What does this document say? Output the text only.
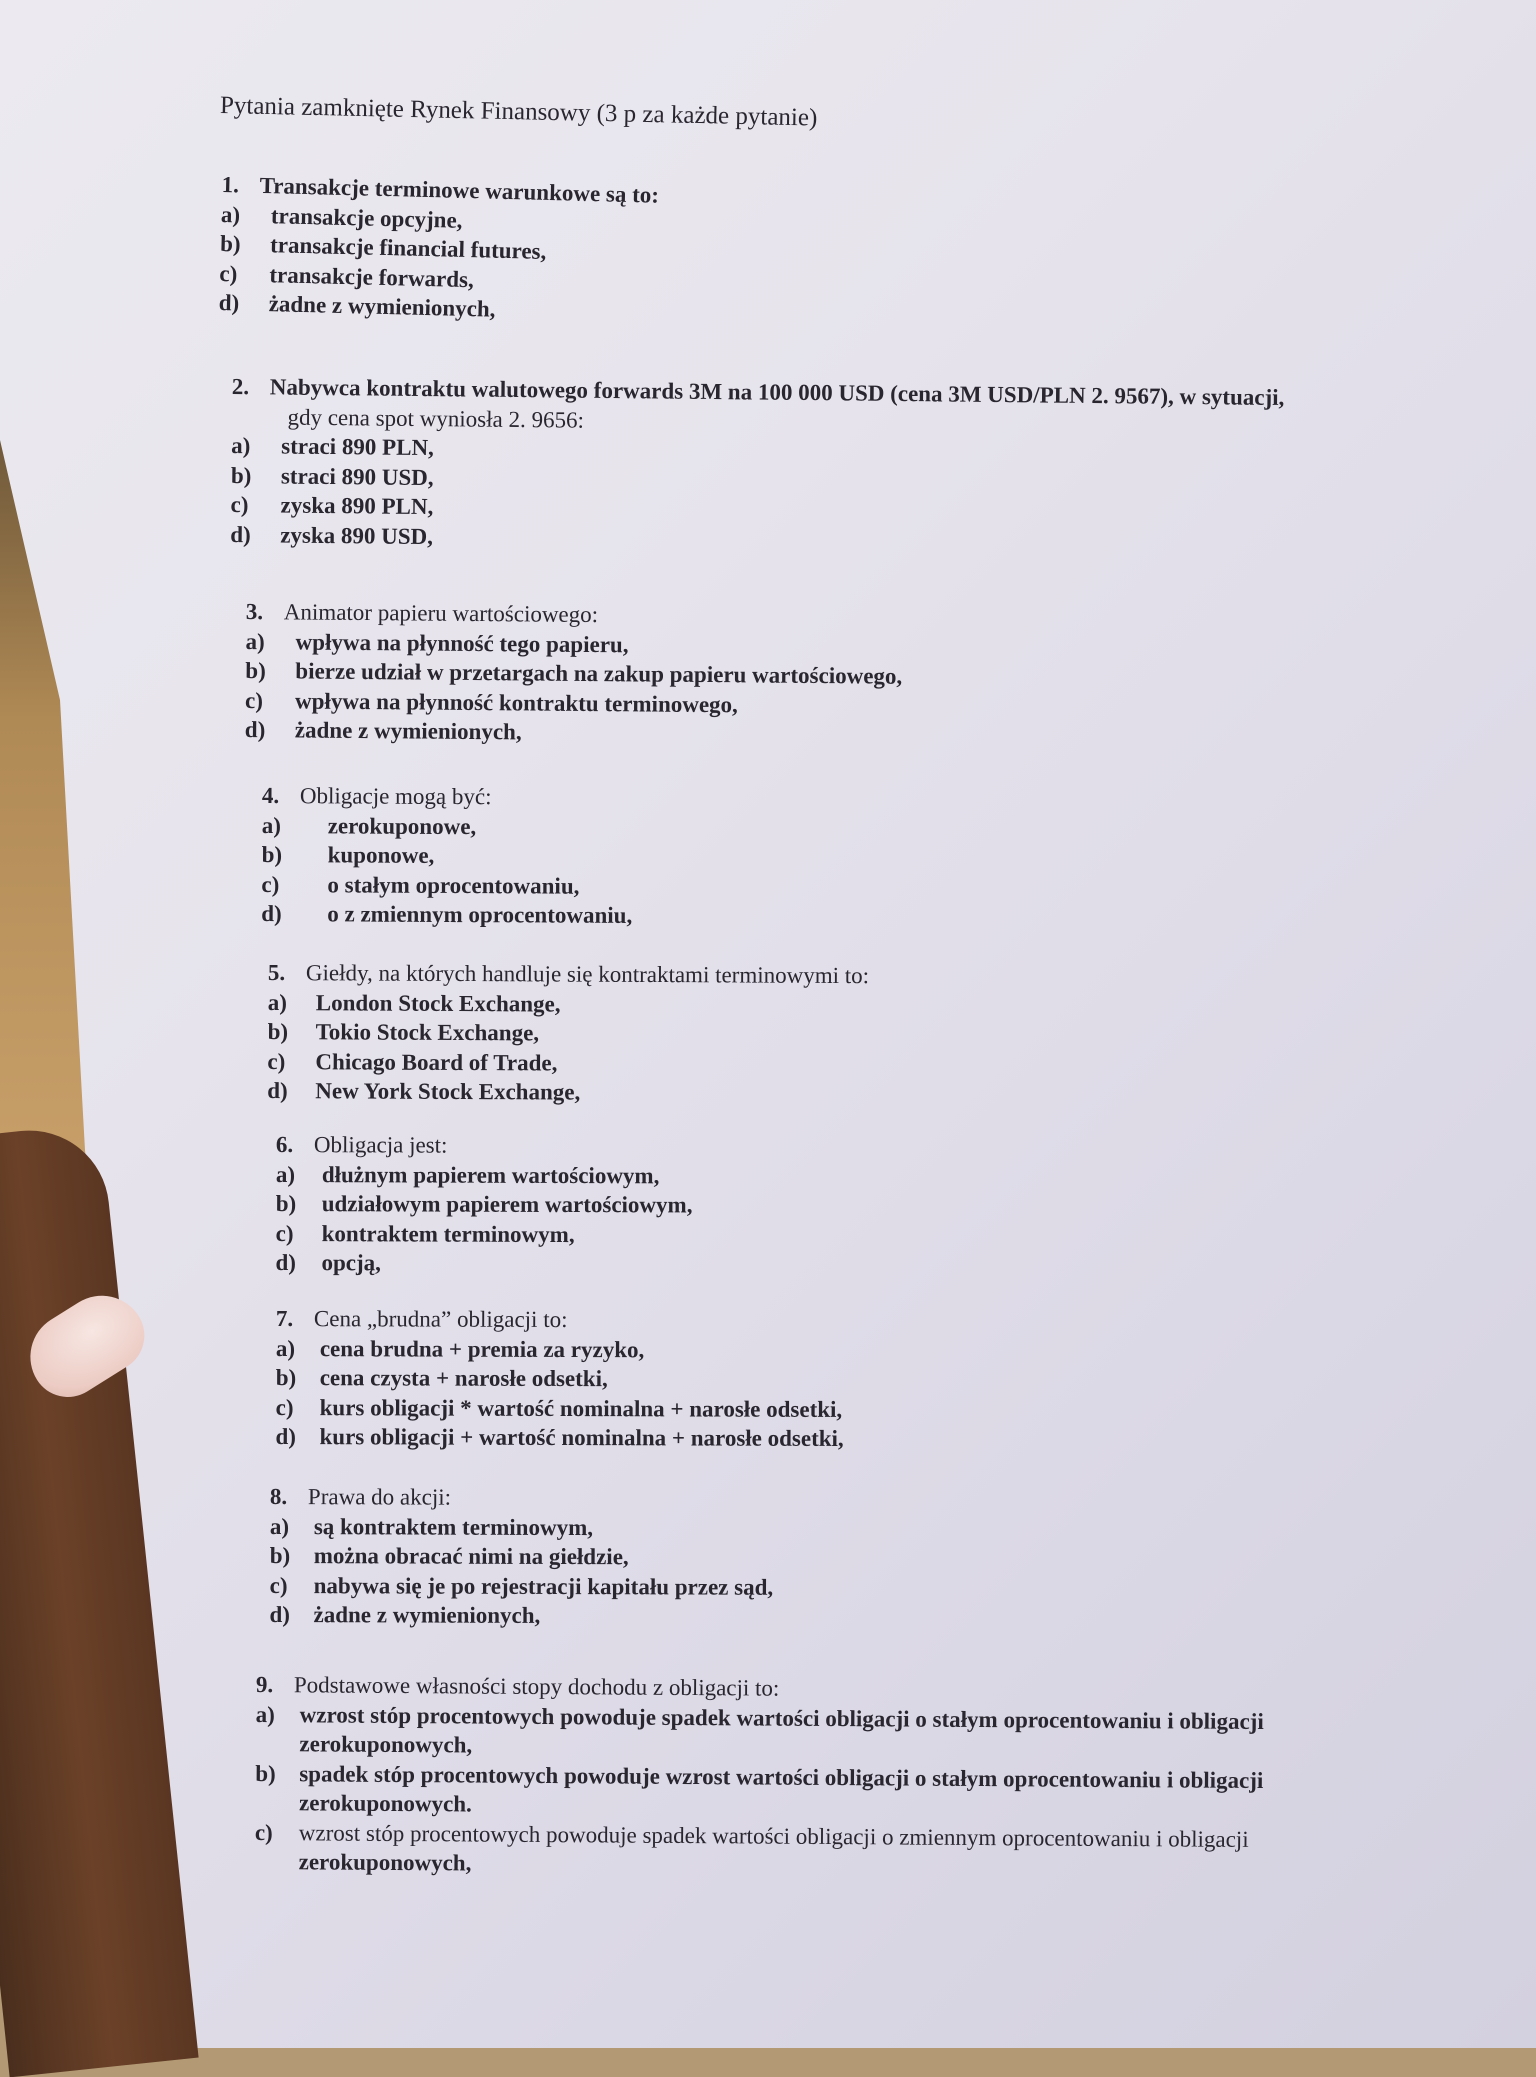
Pytania zamknięte Rynek Finansowy (3 p za każde pytanie)
1. Transakcje terminowe warunkowe są to:
a)	transakcje opcyjne,
b)	transakcje financial futures,
c)	transakcje forwards,
d)	żadne z wymienionych,
2. Nabywca kontraktu walutowego forwards 3M na 100 000 USD (cena 3M USD/PLN 2. 9567), w sytuacji,
gdy cena spot wyniosła 2. 9656:
a)	straci 890 PLN,
b)	straci 890 USD,
c)	zyska 890 PLN,
d)	zyska 890 USD,
3. Animator papieru wartościowego:
a)	wpływa na płynność tego papieru,
b)	bierze udział w przetargach na zakup papieru wartościowego,
c)	wpływa na płynność kontraktu terminowego,
d)	żadne z wymienionych,
4. Obligacje mogą być:
a)	zerokuponowe,
b)	kuponowe,
c)	o stałym oprocentowaniu,
d)	o z zmiennym oprocentowaniu,
5. Giełdy, na których handluje się kontraktami terminowymi to:
a)	London Stock Exchange,
b)	Tokio Stock Exchange,
c)	Chicago Board of Trade,
d)	New York Stock Exchange,
6. Obligacja jest:
a)	dłużnym papierem wartościowym,
b)	udziałowym papierem wartościowym,
c)	kontraktem terminowym,
d)	opcją,
7. Cena „brudna” obligacji to:
a)	cena brudna + premia za ryzyko,
b)	cena czysta + narosłe odsetki,
c)	kurs obligacji * wartość nominalna + narosłe odsetki,
d)	kurs obligacji + wartość nominalna + narosłe odsetki,
8. Prawa do akcji:
a)	są kontraktem terminowym,
b)	można obracać nimi na giełdzie,
c)	nabywa się je po rejestracji kapitału przez sąd,
d)	żadne z wymienionych,
9. Podstawowe własności stopy dochodu z obligacji to:
a)	wzrost stóp procentowych powoduje spadek wartości obligacji o stałym oprocentowaniu i obligacji
zerokuponowych,
b)	spadek stóp procentowych powoduje wzrost wartości obligacji o stałym oprocentowaniu i obligacji
zerokuponowych.
c)	wzrost stóp procentowych powoduje spadek wartości obligacji o zmiennym oprocentowaniu i obligacji
zerokuponowych,
